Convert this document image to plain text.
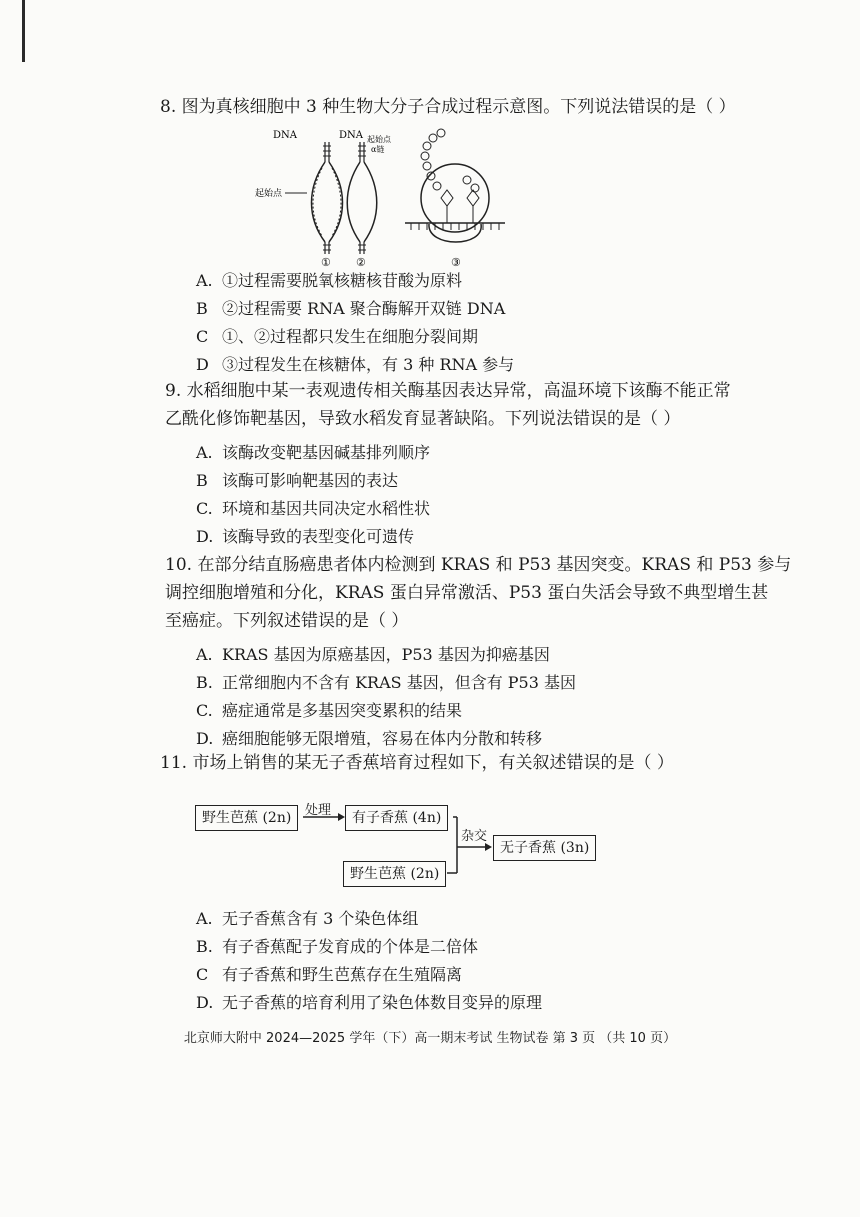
8. 图为真核细胞中 3 种生物大分子合成过程示意图。下列说法错误的是（ ）
DNA
起始点
①
DNA 起始点
α链
②	③
A. ①过程需要脱氧核糖核苷酸为原料
B ②过程需要 RNA 聚合酶解开双链 DNA
C ①、②过程都只发生在细胞分裂间期
D ③过程发生在核糖体，有 3 种 RNA 参与
9. 水稻细胞中某一表观遗传相关酶基因表达异常，高温环境下该酶不能正常
乙酰化修饰靶基因，导致水稻发育显著缺陷。下列说法错误的是（ ）
A. 该酶改变靶基因碱基排列顺序
B 该酶可影响靶基因的表达
C. 环境和基因共同决定水稻性状
D. 该酶导致的表型变化可遗传
10. 在部分结直肠癌患者体内检测到 KRAS 和 P53 基因突变。KRAS 和 P53 参与
调控细胞增殖和分化，KRAS 蛋白异常激活、P53 蛋白失活会导致不典型增生甚
至癌症。下列叙述错误的是（ ）
A. KRAS 基因为原癌基因，P53 基因为抑癌基因
B. 正常细胞内不含有 KRAS 基因，但含有 P53 基因
C. 癌症通常是多基因突变累积的结果
D. 癌细胞能够无限增殖，容易在体内分散和转移
11. 市场上销售的某无子香蕉培育过程如下，有关叙述错误的是（ ）
野生芭蕉 (2n)	处理	有子香蕉 (4n)
杂交
无子香蕉 (3n)
野生芭蕉 (2n)
A. 无子香蕉含有 3 个染色体组
B. 有子香蕉配子发育成的个体是二倍体
C 有子香蕉和野生芭蕉存在生殖隔离
D. 无子香蕉的培育利用了染色体数目变异的原理
北京师大附中 2024—2025 学年（下）高一期末考试 生物试卷 第 3 页 （共 10 页）
